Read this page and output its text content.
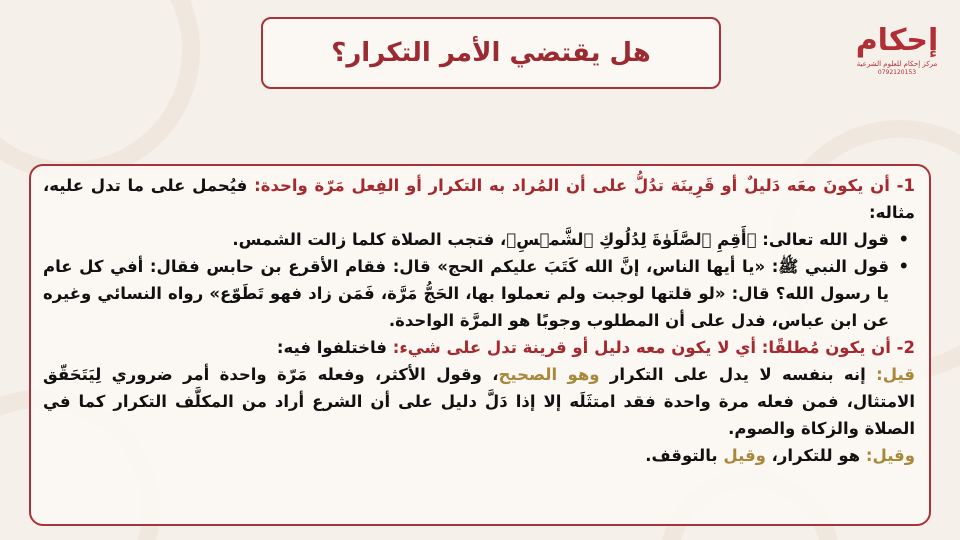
هل يقتضي الأمر التكرار؟	إحكام
مركز إحكام للعلوم الشرعية
0792120153

1- أن يكونَ معَه دَليلٌ أو قَرِينَة تدُلُّ على أن المُراد به التكرار أو الفِعل مَرّة واحدة: فيُحمل على ما تدل عليه، مثاله:

•
قول الله تعالى: ﴿أَقِمِ ٱلصَّلَوٰةَ لِدُلُوكِ ٱلشَّمۡسِ﴾، فتجب الصلاة كلما زالت الشمس.

•
قول النبي ﷺ: «يا أيها الناس، إنَّ الله كَتَبَ عليكم الحج» قال: فقام الأقرع بن حابس فقال: أفي كل عام يا رسول الله؟ قال: «لو قلتها لوجبت ولم تعملوا بها، الحَجُّ مَرَّة، فَمَن زاد فهو تَطَوّع» رواه النسائي وغيره عن ابن عباس، فدل على أن المطلوب وجوبًا هو المرَّة الواحدة.

2- أن يكون مُطلقًا: أي لا يكون معه دليل أو قرينة تدل على شيء: فاختلفوا فيه:

قيل: إنه بنفسه لا يدل على التكرار وهو الصحيح، وقول الأكثر، وفعله مَرّة واحدة أمر ضروري لِيَتَحَقّق الامتثال، فمن فعله مرة واحدة فقد امتثَلَه إلا إذا دَلَّ دليل على أن الشرع أراد من المكلَّف التكرار كما في الصلاة والزكاة والصوم.

وقيل: هو للتكرار، وقيل بالتوقف.
